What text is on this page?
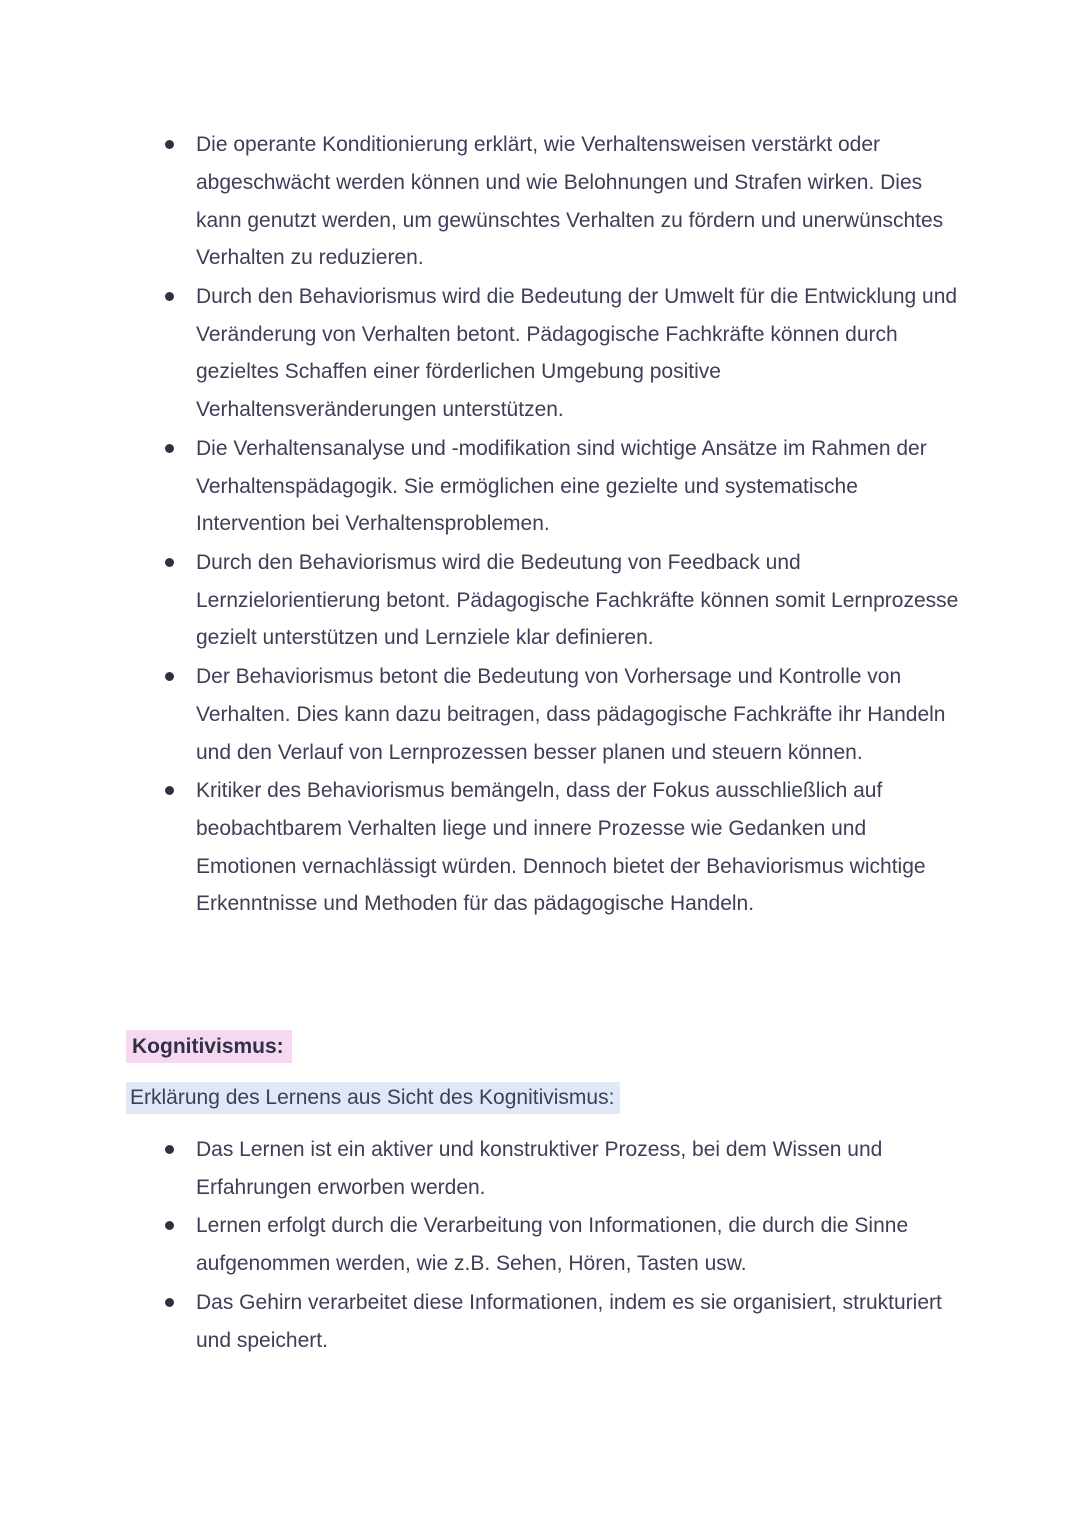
Die operante Konditionierung erklärt, wie Verhaltensweisen verstärkt oder abgeschwächt werden können und wie Belohnungen und Strafen wirken. Dies kann genutzt werden, um gewünschtes Verhalten zu fördern und unerwünschtes Verhalten zu reduzieren.
Durch den Behaviorismus wird die Bedeutung der Umwelt für die Entwicklung und Veränderung von Verhalten betont. Pädagogische Fachkräfte können durch gezieltes Schaffen einer förderlichen Umgebung positive Verhaltensveränderungen unterstützen.
Die Verhaltensanalyse und -modifikation sind wichtige Ansätze im Rahmen der Verhaltenspädagogik. Sie ermöglichen eine gezielte und systematische Intervention bei Verhaltensproblemen.
Durch den Behaviorismus wird die Bedeutung von Feedback und Lernzielorientierung betont. Pädagogische Fachkräfte können somit Lernprozesse gezielt unterstützen und Lernziele klar definieren.
Der Behaviorismus betont die Bedeutung von Vorhersage und Kontrolle von Verhalten. Dies kann dazu beitragen, dass pädagogische Fachkräfte ihr Handeln und den Verlauf von Lernprozessen besser planen und steuern können.
Kritiker des Behaviorismus bemängeln, dass der Fokus ausschließlich auf beobachtbarem Verhalten liege und innere Prozesse wie Gedanken und Emotionen vernachlässigt würden. Dennoch bietet der Behaviorismus wichtige Erkenntnisse und Methoden für das pädagogische Handeln.
Kognitivismus:
Erklärung des Lernens aus Sicht des Kognitivismus:
Das Lernen ist ein aktiver und konstruktiver Prozess, bei dem Wissen und Erfahrungen erworben werden.
Lernen erfolgt durch die Verarbeitung von Informationen, die durch die Sinne aufgenommen werden, wie z.B. Sehen, Hören, Tasten usw.
Das Gehirn verarbeitet diese Informationen, indem es sie organisiert, strukturiert und speichert.
